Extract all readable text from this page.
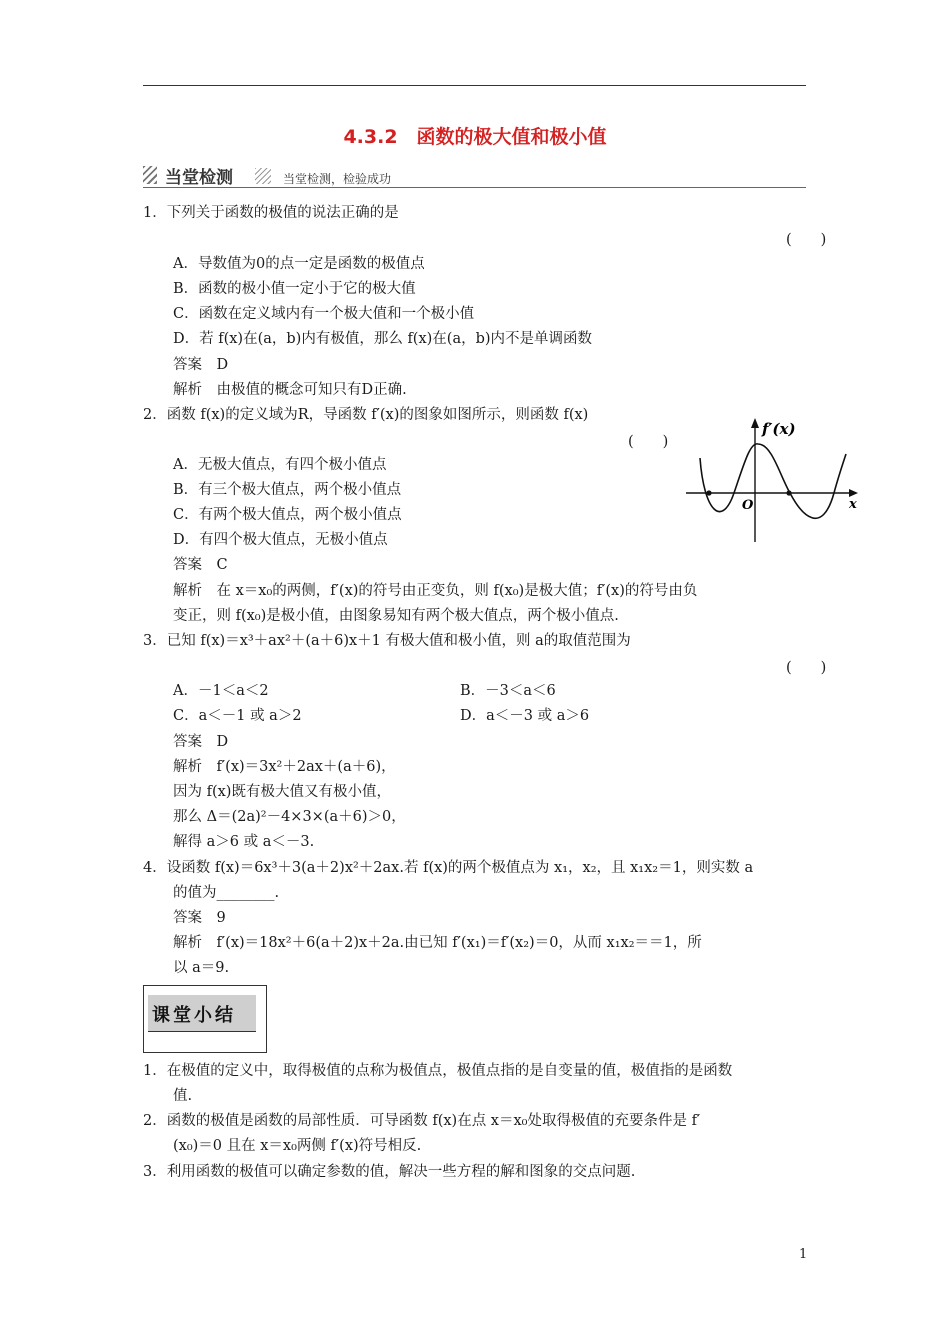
4.3.2　函数的极大值和极小值
当堂检测	当堂检测，检验成功
1．下列关于函数的极值的说法正确的是
(　　)
A．导数值为0的点一定是函数的极值点
B．函数的极小值一定小于它的极大值
C．函数在定义域内有一个极大值和一个极小值
D．若 f(x)在(a，b)内有极值，那么 f(x)在(a，b)内不是单调函数
答案　D
解析　由极值的概念可知只有D正确.
2．函数 f(x)的定义域为R，导函数 f′(x)的图象如图所示，则函数 f(x)
(　　)
A．无极大值点，有四个极小值点
B．有三个极大值点，两个极小值点
C．有两个极大值点，两个极小值点
D．有四个极大值点，无极小值点
答案　C
解析　在 x＝x₀的两侧，f′(x)的符号由正变负，则 f(x₀)是极大值；f′(x)的符号由负
变正，则 f(x₀)是极小值，由图象易知有两个极大值点，两个极小值点.
f′(x)
x
O
3．已知 f(x)＝x³＋ax²＋(a＋6)x＋1 有极大值和极小值，则 a的取值范围为
(　　)
A．－1＜a＜2	B．－3＜a＜6
C．a＜－1 或 a＞2	D．a＜－3 或 a＞6
答案　D
解析　f′(x)＝3x²＋2ax＋(a＋6)，
因为 f(x)既有极大值又有极小值，
那么 Δ＝(2a)²－4×3×(a＋6)＞0，
解得 a＞6 或 a＜－3.
4．设函数 f(x)＝6x³＋3(a＋2)x²＋2ax.若 f(x)的两个极值点为 x₁，x₂，且 x₁x₂＝1，则实数 a
的值为________.
答案　9
解析　f′(x)＝18x²＋6(a＋2)x＋2a.由已知 f′(x₁)＝f′(x₂)＝0，从而 x₁x₂＝＝1，所
以 a＝9.
课堂小结
1．在极值的定义中，取得极值的点称为极值点，极值点指的是自变量的值，极值指的是函数
值.
2．函数的极值是函数的局部性质．可导函数 f(x)在点 x＝x₀处取得极值的充要条件是 f′
(x₀)＝0 且在 x＝x₀两侧 f′(x)符号相反.
3．利用函数的极值可以确定参数的值，解决一些方程的解和图象的交点问题.
1
